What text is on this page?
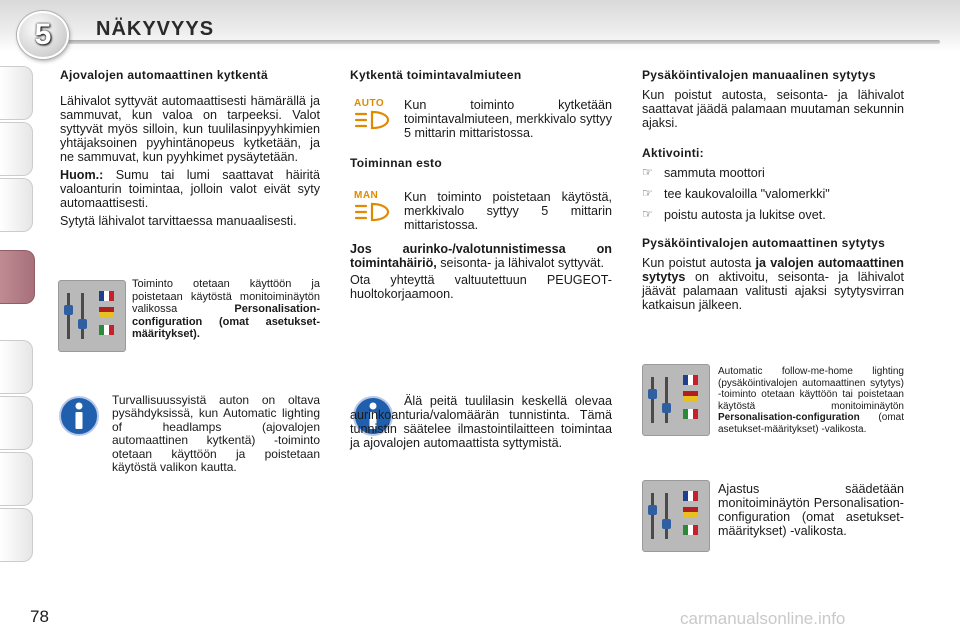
5	NÄKYVYYS
Ajovalojen automaattinen kytkentä

Lähivalot syttyvät automaattisesti hämärällä ja sammuvat, kun valoa on tarpeeksi. Valot syttyvät myös silloin, kun tuulilasinpyyhkimien yhtäjaksoinen pyyhintänopeus kytketään, ja ne sammuvat, kun pyyhkimet pysäytetään.

Huom.: Sumu tai lumi saattavat häiritä valoanturin toimintaa, jolloin valot eivät syty automaattisesti.

Sytytä lähivalot tarvittaessa manuaalisesti.

Toiminto otetaan käyttöön ja poistetaan käytöstä monitoiminäytön valikossa Personalisation-configuration (omat asetukset-määritykset).

Turvallisuussyistä auton on oltava pysähdyksissä, kun Automatic lighting of headlamps (ajovalojen automaattinen kytkentä) -toiminto otetaan käyttöön ja poistetaan käytöstä valikon kautta.

Kytkentä toimintavalmiuteen
AUTO	Kun toiminto kytketään toimintavalmiuteen, merkkivalo syttyy 5 mittarin mittaristossa.

Toiminnan esto
MAN	Kun toiminto poistetaan käytöstä, merkkivalo syttyy 5 mittarin mittaristossa.

Jos aurinko-/valotunnistimessa on toimintahäiriö, seisonta- ja lähivalot syttyvät.

Ota yhteyttä valtuutettuun PEUGEOT-huoltokorjaamoon.

Älä peitä tuulilasin keskellä olevaa aurinkoanturia/valomäärän tunnistinta. Tämä tunnistin säätelee ilmastointilaitteen toimintaa ja ajovalojen automaattista syttymistä.

Pysäköintivalojen manuaalinen sytytys

Kun poistut autosta, seisonta- ja lähivalot saattavat jäädä palamaan muutaman sekunnin ajaksi.

Aktivointi:
☞ sammuta moottori
☞ tee kaukovaloilla "valomerkki"
☞ poistu autosta ja lukitse ovet.
Pysäköintivalojen automaattinen sytytys

Kun poistut autosta ja valojen automaattinen sytytys on aktivoitu, seisonta- ja lähivalot jäävät palamaan valitusti ajaksi sytytysvirran katkaisun jälkeen.

Automatic follow-me-home lighting (pysäköintivalojen automaattinen sytytys) -toiminto otetaan käyttöön tai poistetaan käytöstä monitoiminäytön Personalisation-configuration (omat asetukset-määritykset) -valikosta.

Ajastus säädetään monitoiminäytön Personalisation-configuration (omat asetukset-määritykset) -valikosta.

78	carmanualsonline.info
